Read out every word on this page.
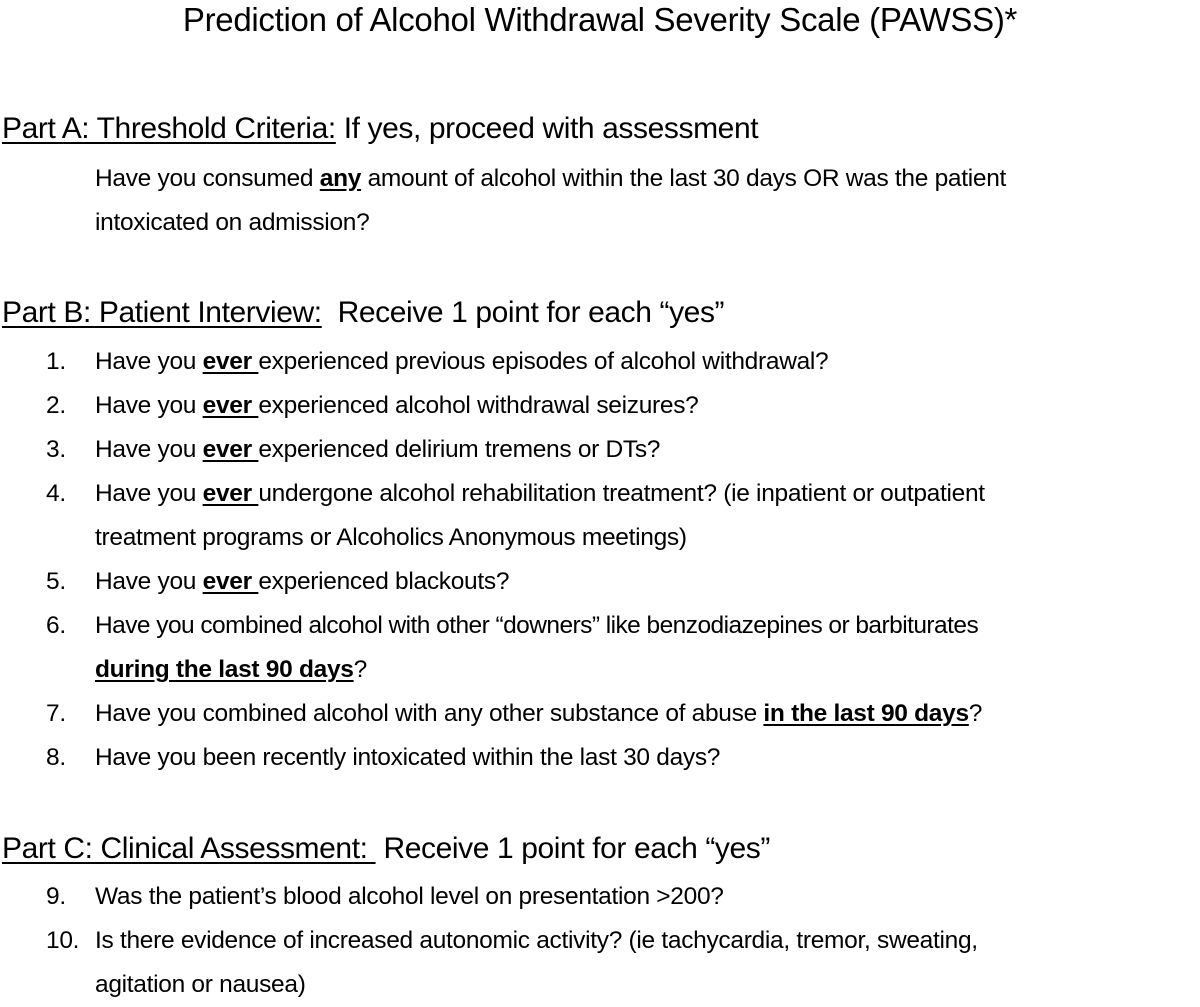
Prediction of Alcohol Withdrawal Severity Scale (PAWSS)*
Part A: Threshold Criteria: If yes, proceed with assessment
Have you consumed any amount of alcohol within the last 30 days OR was the patient
intoxicated on admission?
Part B: Patient Interview:  Receive 1 point for each “yes”
1.	Have you ever experienced previous episodes of alcohol withdrawal?
2.	Have you ever experienced alcohol withdrawal seizures?
3.	Have you ever experienced delirium tremens or DTs?
4.	Have you ever undergone alcohol rehabilitation treatment? (ie inpatient or outpatient
treatment programs or Alcoholics Anonymous meetings)
5.	Have you ever experienced blackouts?
6.	Have you combined alcohol with other “downers” like benzodiazepines or barbiturates
during the last 90 days?
7.	Have you combined alcohol with any other substance of abuse in the last 90 days?
8.	Have you been recently intoxicated within the last 30 days?
Part C: Clinical Assessment:  Receive 1 point for each “yes”
9.	Was the patient’s blood alcohol level on presentation >200?
10. Is there evidence of increased autonomic activity? (ie tachycardia, tremor, sweating,
agitation or nausea)
